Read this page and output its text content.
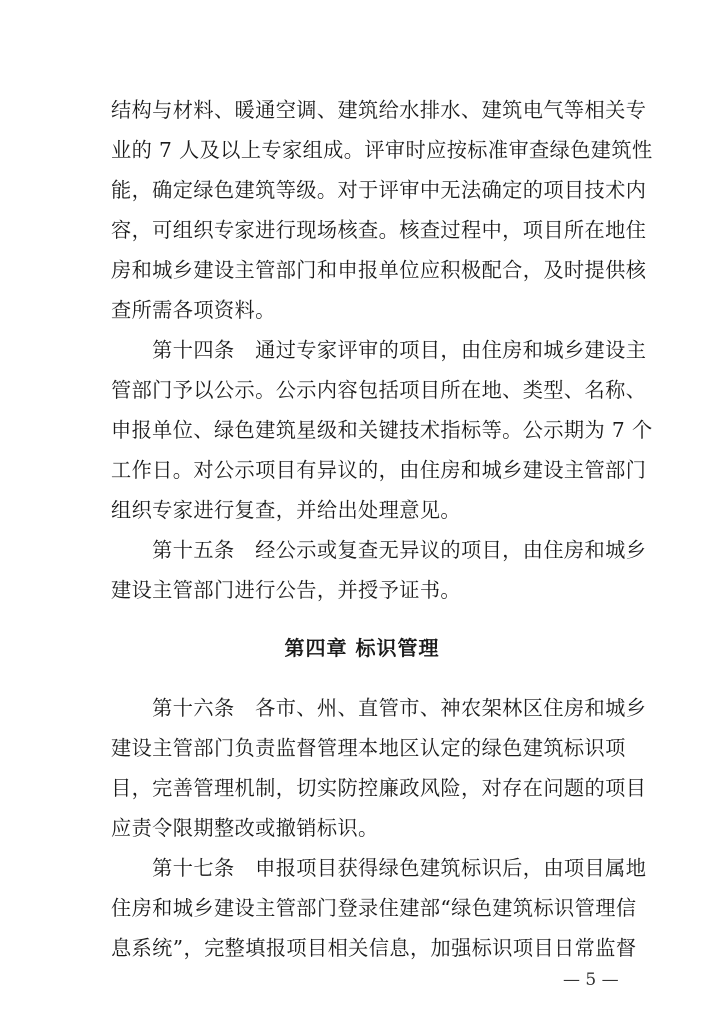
结构与材料、暖通空调、建筑给水排水、建筑电气等相关专
业的 7 人及以上专家组成。评审时应按标准审查绿色建筑性
能，确定绿色建筑等级。对于评审中无法确定的项目技术内
容，可组织专家进行现场核查。核查过程中，项目所在地住
房和城乡建设主管部门和申报单位应积极配合，及时提供核
查所需各项资料。
　　第十四条　通过专家评审的项目，由住房和城乡建设主
管部门予以公示。公示内容包括项目所在地、类型、名称、
申报单位、绿色建筑星级和关键技术指标等。公示期为 7 个
工作日。对公示项目有异议的，由住房和城乡建设主管部门
组织专家进行复查，并给出处理意见。
　　第十五条　经公示或复查无异议的项目，由住房和城乡
建设主管部门进行公告，并授予证书。
第四章 标识管理
　　第十六条　各市、州、直管市、神农架林区住房和城乡
建设主管部门负责监督管理本地区认定的绿色建筑标识项
目，完善管理机制，切实防控廉政风险，对存在问题的项目
应责令限期整改或撤销标识。
　　第十七条　申报项目获得绿色建筑标识后，由项目属地
住房和城乡建设主管部门登录住建部“绿色建筑标识管理信
息系统”，完整填报项目相关信息，加强标识项目日常监督
— 5 —
